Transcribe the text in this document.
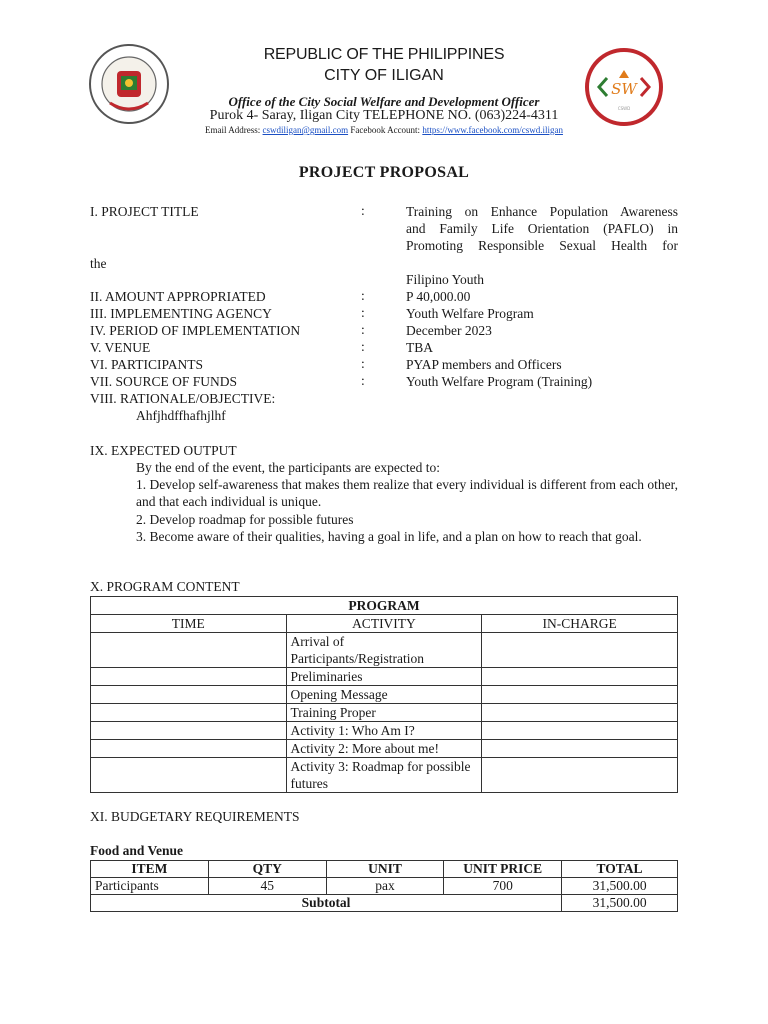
SW
CSWD
REPUBLIC OF THE PHILIPPINES
CITY OF ILIGAN
Office of the City Social Welfare and Development Officer
Purok 4- Saray, Iligan City TELEPHONE NO. (063)224-4311
Email Address: cswdiligan@gmail.com Facebook Account: https://www.facebook.com/cswd.iligan
PROJECT PROPOSAL
I. PROJECT TITLE	:	Training on Enhance Population Awareness
and Family Life Orientation (PAFLO) in
Promoting Responsible Sexual Health for
the
Filipino Youth
II. AMOUNT APPROPRIATED	:	P 40,000.00
III. IMPLEMENTING AGENCY	:	Youth Welfare Program
IV. PERIOD OF IMPLEMENTATION	:	December 2023
V. VENUE	:	TBA
VI. PARTICIPANTS	:	PYAP members and Officers
VII. SOURCE OF FUNDS	:	Youth Welfare Program (Training)
VIII. RATIONALE/OBJECTIVE:
Ahfjhdffhafhjlhf
IX. EXPECTED OUTPUT
By the end of the event, the participants are expected to:
1. Develop self-awareness that makes them realize that every individual is different from each other, and that each individual is unique.
2. Develop roadmap for possible futures
3. Become aware of their qualities, having a goal in life, and a plan on how to reach that goal.
X. PROGRAM CONTENT
PROGRAM		
TIME	ACTIVITY	IN-CHARGE
	Arrival of Participants/Registration	
	Preliminaries	
	Opening Message	
	Training Proper	
	Activity 1: Who Am I?	
	Activity 2: More about me!	
	Activity 3: Roadmap for possible futures	
XI. BUDGETARY REQUIREMENTS
Food and Venue
ITEM	QTY	UNIT	UNIT PRICE	TOTAL
Participants	45	pax	700	31,500.00
Subtotal				31,500.00
